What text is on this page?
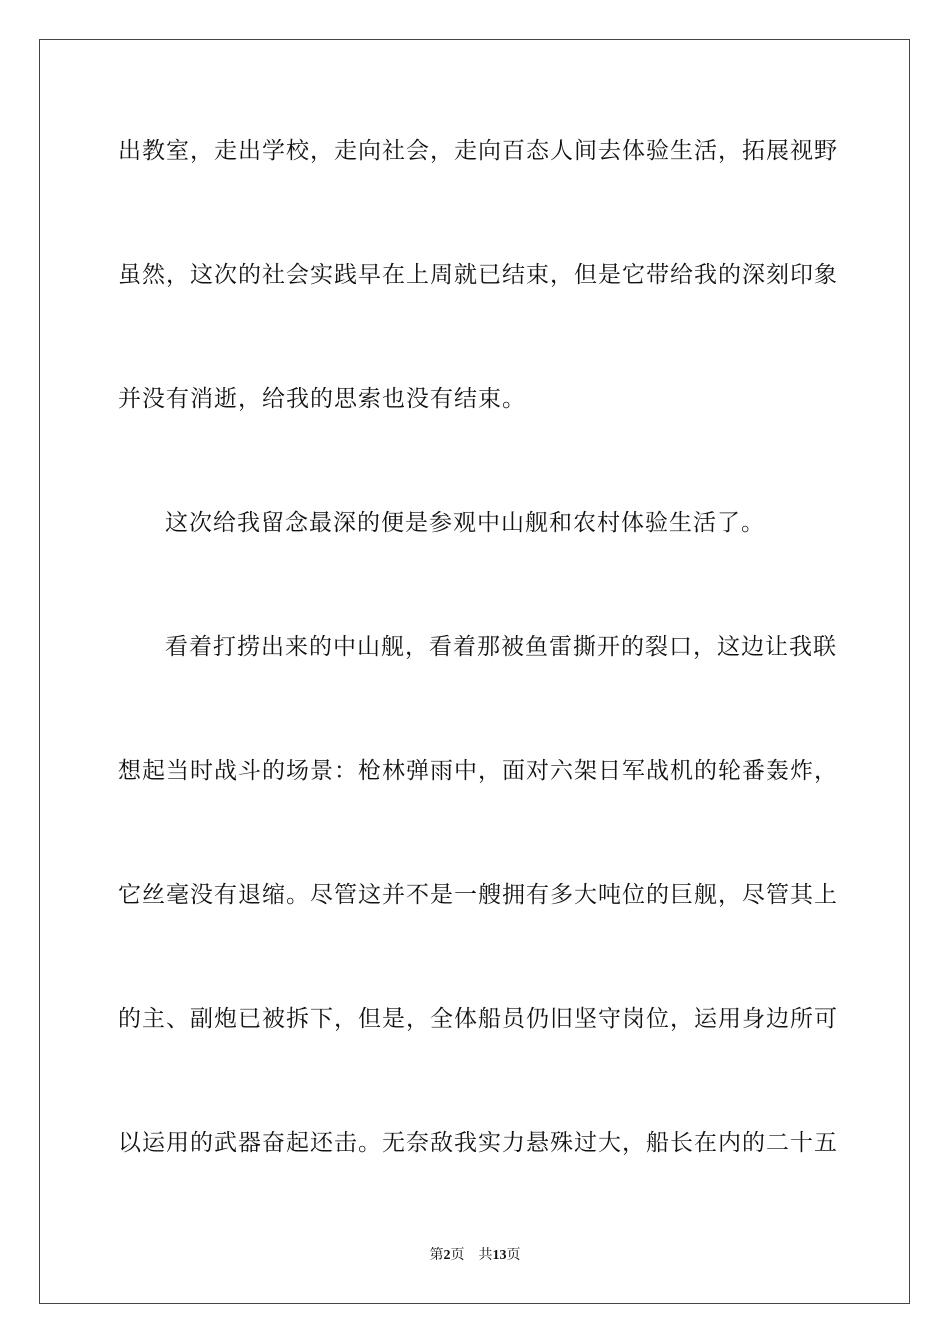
出教室，走出学校，走向社会，走向百态人间去体验生活，拓展视野
虽然，这次的社会实践早在上周就已结束，但是它带给我的深刻印象
并没有消逝，给我的思索也没有结束。
这次给我留念最深的便是参观中山舰和农村体验生活了。
看着打捞出来的中山舰，看着那被鱼雷撕开的裂口，这边让我联
想起当时战斗的场景：枪林弹雨中，面对六架日军战机的轮番轰炸，
它丝毫没有退缩。尽管这并不是一艘拥有多大吨位的巨舰，尽管其上
的主、副炮已被拆下，但是，全体船员仍旧坚守岗位，运用身边所可
以运用的武器奋起还击。无奈敌我实力悬殊过大，船长在内的二十五
第2页 共13页
